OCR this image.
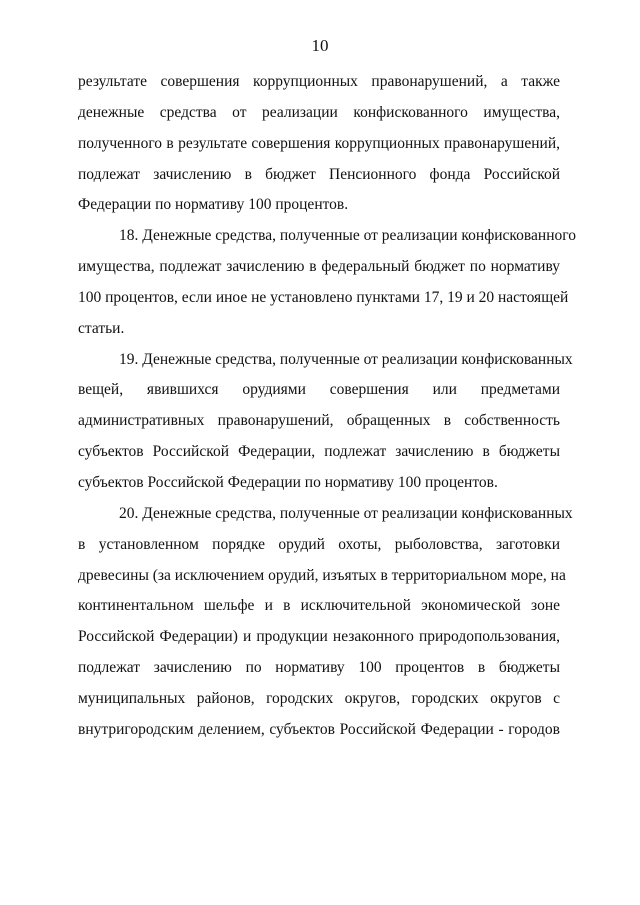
10
результате совершения коррупционных правонарушений, а также
денежные средства от реализации конфискованного имущества,
полученного в результате совершения коррупционных правонарушений,
подлежат зачислению в бюджет Пенсионного фонда Российской
Федерации по нормативу 100 процентов.
18. Денежные средства, полученные от реализации конфискованного
имущества, подлежат зачислению в федеральный бюджет по нормативу
100 процентов, если иное не установлено пунктами 17, 19 и 20 настоящей
статьи.
19. Денежные средства, полученные от реализации конфискованных
вещей, явившихся орудиями совершения или предметами
административных правонарушений, обращенных в собственность
субъектов Российской Федерации, подлежат зачислению в бюджеты
субъектов Российской Федерации по нормативу 100 процентов.
20. Денежные средства, полученные от реализации конфискованных
в установленном порядке орудий охоты, рыболовства, заготовки
древесины (за исключением орудий, изъятых в территориальном море, на
континентальном шельфе и в исключительной экономической зоне
Российской Федерации) и продукции незаконного природопользования,
подлежат зачислению по нормативу 100 процентов в бюджеты
муниципальных районов, городских округов, городских округов с
внутригородским делением, субъектов Российской Федерации - городов
